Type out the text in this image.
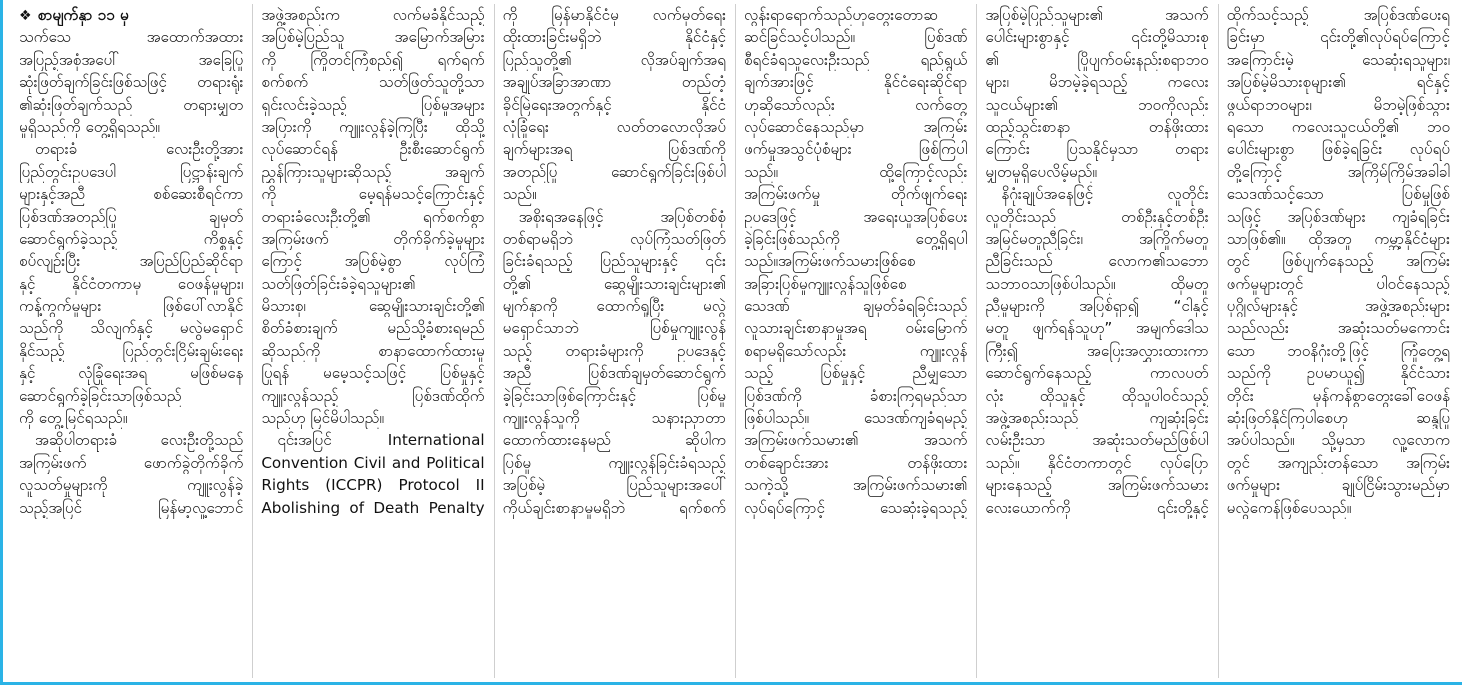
❖ စာမျက်နှာ ၁၁ မှ
သက်သေ အထောက်အထား
အပြည့်အစုံအပေါ် အခြေပြု
ဆုံးဖြတ်ချက်ခြင်းဖြစ်သဖြင့် တရားရုံး
၏ဆုံးဖြတ်ချက်သည် တရားမျှတ
မှုရှိသည်ကို တွေ့ရှိရသည်။
တရားခံ လေးဦးတို့အား
ပြည်တွင်းဥပဒေပါ ပြဋ္ဌာန်းချက်
များနှင့်အညီ စစ်ဆေးစီရင်ကာ
ပြစ်ဒဏ်အတည်ပြု ချမှတ်
ဆောင်ရွက်ခဲ့သည့် ကိစ္စနှင့်
စပ်လျဉ်းပြီး အပြည်ပြည်ဆိုင်ရာ
နှင့် နိုင်ငံတကာမှ ဝေဖန်မှုများ၊
ကန့်ကွက်မှုများ ဖြစ်ပေါ်လာနိုင်
သည်ကို သိလျက်နှင့် မလွဲမရှောင်
နိုင်သည့် ပြည်တွင်းငြိမ်းချမ်းရေး
နှင့် လုံခြုံရေးအရ မဖြစ်မနေ
ဆောင်ရွက်ခဲ့ခြင်းသာဖြစ်သည်
ကို တွေ့မြင်ရသည်။
အဆိုပါတရားခံ လေးဦးတို့သည်
အကြမ်းဖက် ဖောက်ခွဲတိုက်ခိုက်
လူသတ်မှုများကို ကျူးလွန်ခဲ့
သည့်အပြင် မြန်မာ့လူ့ဘောင်
အဖွဲ့အစည်းက လက်မခံနိုင်သည့်
အပြစ်မဲ့ပြည်သူ အမြောက်အမြား
ကို ကြိုတင်ကြံစည်၍ ရက်ရက်
စက်စက် သတ်ဖြတ်သူတို့သာ
ရှင်းလင်းခဲ့သည့် ပြစ်မှုအများ
အပြားကို ကျူးလွန်ခဲ့ကြပြီး ထိုသို့
လုပ်ဆောင်ရန် ဦးစီးဆောင်ရွက်
ညွှန်ကြားသူများဆိုသည့် အချက်
ကို မေ့ရန်မသင့်ကြောင်းနှင့်
တရားခံလေးဦးတို့၏ ရက်စက်စွာ
အကြမ်းဖက် တိုက်ခိုက်ခဲ့မှုများ
ကြောင့် အပြစ်မဲ့စွာ လုပ်ကြံ
သတ်ဖြတ်ခြင်းခံခဲ့ရသူများ၏
မိသားစု၊ ဆွေမျိုးသားချင်းတို့၏
စိတ်ခံစားချက် မည်သို့ခံစားရမည်
ဆိုသည်ကို စာနာထောက်ထားမှု
ပြုရန် မမေ့သင့်သဖြင့် ပြစ်မှုနှင့်
ကျူးလွန်သည့် ပြစ်ဒဏ်ထိုက်
သည်ဟု မြင်မိပါသည်။
၎င်းအပြင် International
Convention Civil and Political
Rights (ICCPR) Protocol II
Abolishing of Death Penalty
ကို မြန်မာနိုင်ငံမှ လက်မှတ်ရေး
ထိုးထားခြင်းမရှိဘဲ နိုင်ငံနှင့်
ပြည်သူတို့၏ လိုအပ်ချက်အရ
အချုပ်အခြာအာဏာ တည်တံ့
ခိုင်မြဲရေးအတွက်နှင့် နိုင်ငံ
လုံခြုံရေး လတ်တလောလိုအပ်
ချက်များအရ ပြစ်ဒဏ်ကို
အတည်ပြု ဆောင်ရွက်ခြင်းဖြစ်ပါ
သည်။
အစိုးရအနေဖြင့် အပြစ်တစ်စုံ
တစ်ရာမရှိဘဲ လုပ်ကြံသတ်ဖြတ်
ခြင်းခံရသည့် ပြည်သူများနှင့် ၎င်း
တို့၏ ဆွေမျိုးသားချင်းများ၏
မျက်နှာကို ထောက်ရှုပြီး မလွဲ
မရှောင်သာဘဲ ပြစ်မှုကျူးလွန်
သည့် တရားခံများကို ဥပဒေနှင့်
အညီ ပြစ်ဒဏ်ချမှတ်ဆောင်ရွက်
ခဲ့ခြင်းသာဖြစ်ကြောင်းနှင့် ပြစ်မှု
ကျူးလွန်သူကို သနားညှာတာ
ထောက်ထားနေမည် ဆိုပါက
ပြစ်မှု ကျူးလွန်ခြင်းခံရသည့်
အပြစ်မဲ့ ပြည်သူများအပေါ်
ကိုယ်ချင်းစာနာမှုမရှိဘဲ ရက်စက်
လွန်းရာရောက်သည်ဟုတွေးတောဆ
ဆင်ခြင်သင့်ပါသည်။ ပြစ်ဒဏ်
စီရင်ခံရသူလေးဦးသည် ရည်ရွယ်
ချက်အားဖြင့် နိုင်ငံရေးဆိုင်ရာ
ဟုဆိုသော်လည်း လက်တွေ့
လုပ်ဆောင်နေသည်မှာ အကြမ်း
ဖက်မှုအသွင်ပုံစံများ ဖြစ်ကြပါ
သည်။ ထို့ကြောင့်လည်း
အကြမ်းဖက်မှု တိုက်ဖျက်ရေး
ဥပဒေဖြင့် အရေးယူအပြစ်ပေး
ခဲ့ခြင်းဖြစ်သည်ကို တွေ့ရှိရပါ
သည်။အကြမ်းဖက်သမားဖြစ်စေ
အခြားပြစ်မှုကျူးလွန်သူဖြစ်စေ
သေဒဏ် ချမှတ်ခံရခြင်းသည်
လူသားချင်းစာနာမှုအရ ဝမ်းမြောက်
စရာမရှိသော်လည်း ကျူးလွန်
သည့် ပြစ်မှုနှင့် ညီမျှသော
ပြစ်ဒဏ်ကို ခံစားကြရမည်သာ
ဖြစ်ပါသည်။ သေဒဏ်ကျခံရမည့်
အကြမ်းဖက်သမား၏ အသက်
တစ်ချောင်းအား တန်ဖိုးထား
သကဲ့သို့ အကြမ်းဖက်သမား၏
လုပ်ရပ်ကြောင့် သေဆုံးခဲ့ရသည့်
အပြစ်မဲ့ပြည်သူများ၏ အသက်
ပေါင်းများစွာနှင့် ၎င်းတို့မိသားစု
၏ ပြိုပျက်ဝမ်းနည်းစရာဘဝ
များ၊ မိဘမဲ့ခဲ့ရသည့် ကလေး
သူငယ်များ၏ ဘဝကိုလည်း
ထည့်သွင်းစာနာ တန်ဖိုးထား
ကြောင်း ပြသနိုင်မှသာ တရား
မျှတမှုရှိပေလိမ့်မည်။
နိဂုံးချုပ်အနေဖြင့် လူတိုင်း
လူတိုင်းသည် တစ်ဦးနှင့်တစ်ဦး
အမြင်မတူညီခြင်း၊ အကြိုက်မတူ
ညီခြင်းသည် လောက၏သဘော
သဘာဝသာဖြစ်ပါသည်။ ထိုမတူ
ညီမှုများကို အပြစ်ရှာ၍ “ငါနှင့်
မတူ ဖျက်ရန်သူဟု” အမျက်ဒေါသ
ကြီး၍ အပြေးအလွှားထားကာ
ဆောင်ရွက်နေသည့် ကာလပတ်
လုံး ထိုသူနှင့် ထိုသူပါဝင်သည့်
အဖွဲ့အစည်းသည် ကျဆုံးခြင်း
လမ်းဦးသာ အဆုံးသတ်မည်ဖြစ်ပါ
သည်။ နိုင်ငံတကာတွင် လုပ်ပြော
များနေသည့် အကြမ်းဖက်သမား
လေးယောက်ကို ၎င်းတို့နှင့်
ထိုက်သင့်သည့် အပြစ်ဒဏ်ပေးရ
ခြင်းမှာ ၎င်းတို့၏လုပ်ရပ်ကြောင့်
အကြောင်းမဲ့ သေဆုံးရသူများ၊
အပြစ်မဲ့မိသားစုများ၏ ရင်နှင့်
ဖွယ်ရာဘဝများ၊ မိဘမဲ့ဖြစ်သွား
ရသော ကလေးသူငယ်တို့၏ ဘဝ
ပေါင်းများစွာ ဖြစ်ခဲ့ရခြင်း လုပ်ရပ်
တို့ကြောင့် အကြိမ်ကြိမ်အခါခါ
သေဒဏ်သင့်သော ပြစ်မှုဖြစ်
သဖြင့် အပြစ်ဒဏ်များ ကျခံရခြင်း
သာဖြစ်၏။ ထိုအတူ ကမ္ဘာ့နိုင်ငံများ
တွင် ဖြစ်ပျက်နေသည့် အကြမ်း
ဖက်မှုများတွင် ပါဝင်နေသည့်
ပုဂ္ဂိုလ်များနှင့် အဖွဲ့အစည်းများ
သည်လည်း အဆုံးသတ်မကောင်း
သော ဘဝနိဂုံးတို့ဖြင့် ကြုံတွေ့ရ
သည်ကို ဥပမာယူ၍ နိုင်ငံသား
တိုင်း မှန်ကန်စွာတွေးခေါ်ဝေဖန်
ဆုံးဖြတ်နိုင်ကြပါစေဟု ဆန္ဒပြု
အပ်ပါသည်။ သို့မှသာ လူ့လောက
တွင် အကျည်းတန်သော အကြမ်း
ဖက်မှုများ ချုပ်ငြိမ်းသွားမည်မှာ
မလွဲကေန်ဖြစ်ပေသည်။
